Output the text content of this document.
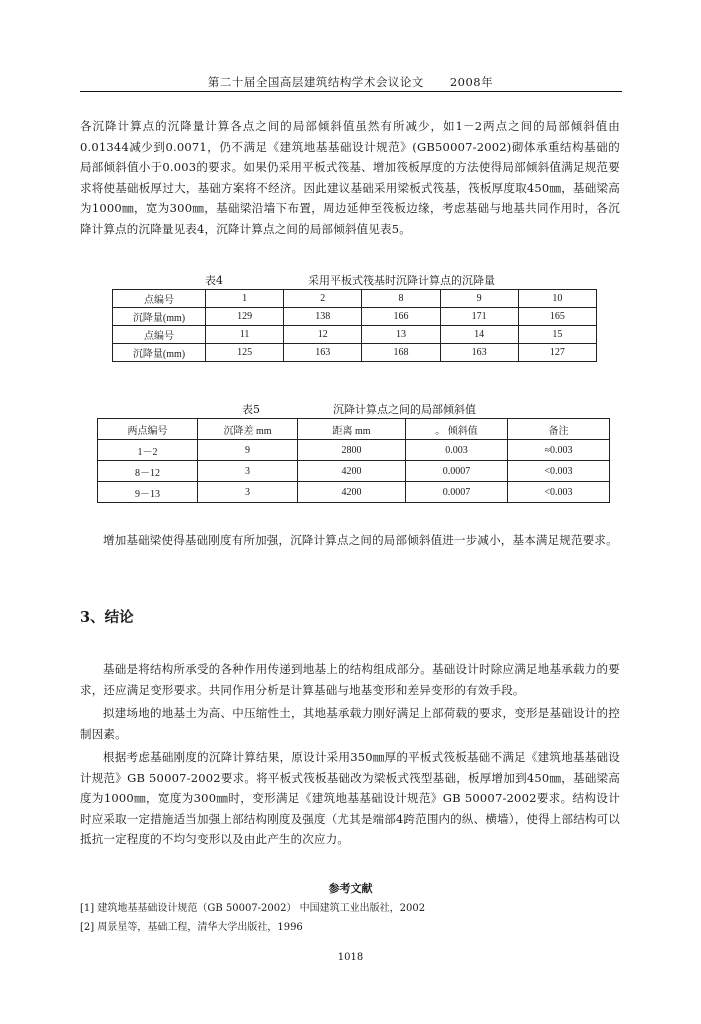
第二十届全国高层建筑结构学术会议论文 2008年
各沉降计算点的沉降量计算各点之间的局部倾斜值虽然有所减少，如1－2两点之间的局部倾斜值由0.01344减少到0.0071，仍不满足《建筑地基基础设计规范》(GB50007-2002)砌体承重结构基础的局部倾斜值小于0.003的要求。如果仍采用平板式筏基、增加筏板厚度的方法使得局部倾斜值满足规范要求将使基础板厚过大，基础方案将不经济。因此建议基础采用梁板式筏基，筏板厚度取450㎜，基础梁高为1000㎜，宽为300㎜，基础梁沿墙下布置，周边延伸至筏板边缘，考虑基础与地基共同作用时，各沉降计算点的沉降量见表4，沉降计算点之间的局部倾斜值见表5。
表4	采用平板式筏基时沉降计算点的沉降量
点编号	1	2	8	9	10
沉降量(mm)	129	138	166	171	165
点编号	11	12	13	14	15
沉降量(mm)	125	163	168	163	127
表5	沉降计算点之间的局部倾斜值
两点编号	沉降差 mm	距离 mm	。 倾斜值	备注
1－2	9	2800	0.003	≈0.003
8－12	3	4200	0.0007	<0.003
9－13	3	4200	0.0007	<0.003
增加基础梁使得基础刚度有所加强，沉降计算点之间的局部倾斜值进一步减小，基本满足规范要求。
3、结论
基础是将结构所承受的各种作用传递到地基上的结构组成部分。基础设计时除应满足地基承载力的要求，还应满足变形要求。共同作用分析是计算基础与地基变形和差异变形的有效手段。
拟建场地的地基土为高、中压缩性土，其地基承载力刚好满足上部荷载的要求，变形是基础设计的控制因素。
根据考虑基础刚度的沉降计算结果，原设计采用350㎜厚的平板式筏板基础不满足《建筑地基基础设计规范》GB 50007-2002要求。将平板式筏板基础改为梁板式筏型基础，板厚增加到450㎜，基础梁高度为1000㎜，宽度为300㎜时，变形满足《建筑地基基础设计规范》GB 50007-2002要求。结构设计时应采取一定措施适当加强上部结构刚度及强度（尤其是端部4跨范围内的纵、横墙），使得上部结构可以抵抗一定程度的不均匀变形以及由此产生的次应力。
参考文献
[1] 建筑地基基础设计规范（GB 50007-2002） 中国建筑工业出版社，2002
[2] 周景星等，基础工程，清华大学出版社，1996
1018
